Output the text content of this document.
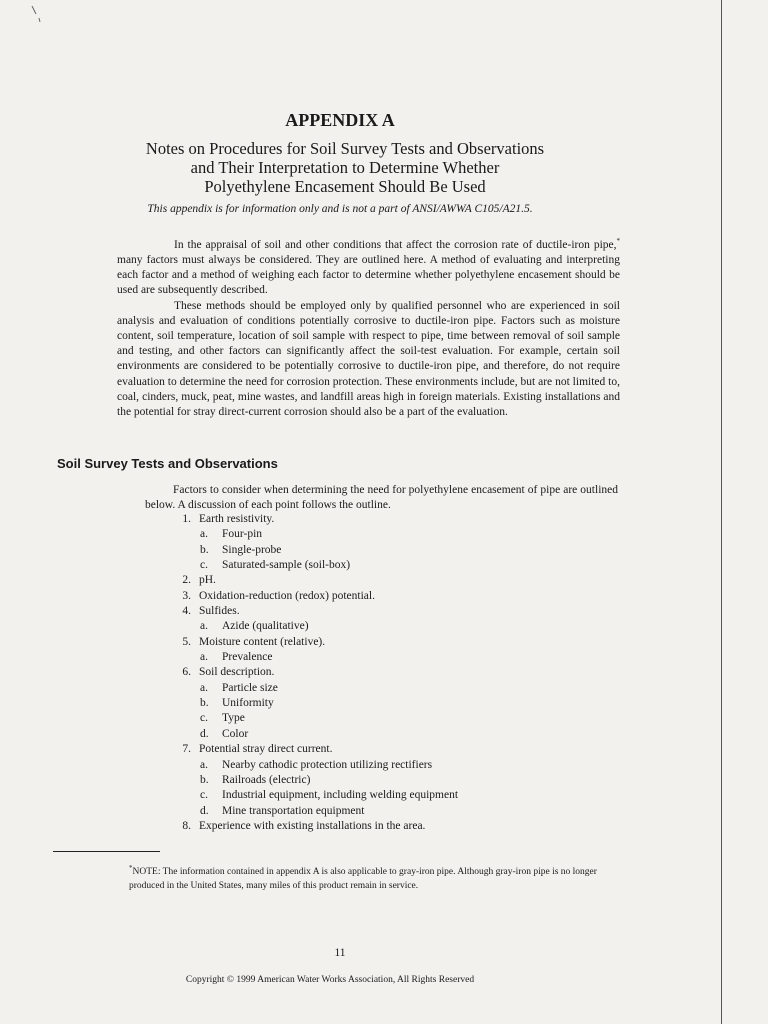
APPENDIX A
Notes on Procedures for Soil Survey Tests and Observations
and Their Interpretation to Determine Whether
Polyethylene Encasement Should Be Used
This appendix is for information only and is not a part of ANSI/AWWA C105/A21.5.

In the appraisal of soil and other conditions that affect the corrosion rate of ductile-iron pipe,* many factors must always be considered. They are outlined here. A method of evaluating and interpreting each factor and a method of weighing each factor to determine whether polyethylene encasement should be used are subsequently described.

These methods should be employed only by qualified personnel who are experienced in soil analysis and evaluation of conditions potentially corrosive to ductile-iron pipe. Factors such as moisture content, soil temperature, location of soil sample with respect to pipe, time between removal of soil sample and testing, and other factors can significantly affect the soil-test evaluation. For example, certain soil environments are considered to be potentially corrosive to ductile-iron pipe, and therefore, do not require evaluation to determine the need for corrosion protection. These environments include, but are not limited to, coal, cinders, muck, peat, mine wastes, and landfill areas high in foreign materials. Existing installations and the potential for stray direct-current corrosion should also be a part of the evaluation.

Soil Survey Tests and Observations

Factors to consider when determining the need for polyethylene encasement of pipe are outlined below. A discussion of each point follows the outline.

1. Earth resistivity.
a. Four-pin
b. Single-probe
c. Saturated-sample (soil-box)
2. pH.
3. Oxidation-reduction (redox) potential.
4. Sulfides.
a. Azide (qualitative)
5. Moisture content (relative).
a. Prevalence
6. Soil description.
a. Particle size
b. Uniformity
c. Type
d. Color
7. Potential stray direct current.
a. Nearby cathodic protection utilizing rectifiers
b. Railroads (electric)
c. Industrial equipment, including welding equipment
d. Mine transportation equipment
8. Experience with existing installations in the area.

*NOTE: The information contained in appendix A is also applicable to gray-iron pipe. Although gray-iron pipe is no longer produced in the United States, many miles of this product remain in service.

11
Copyright © 1999 American Water Works Association, All Rights Reserved
